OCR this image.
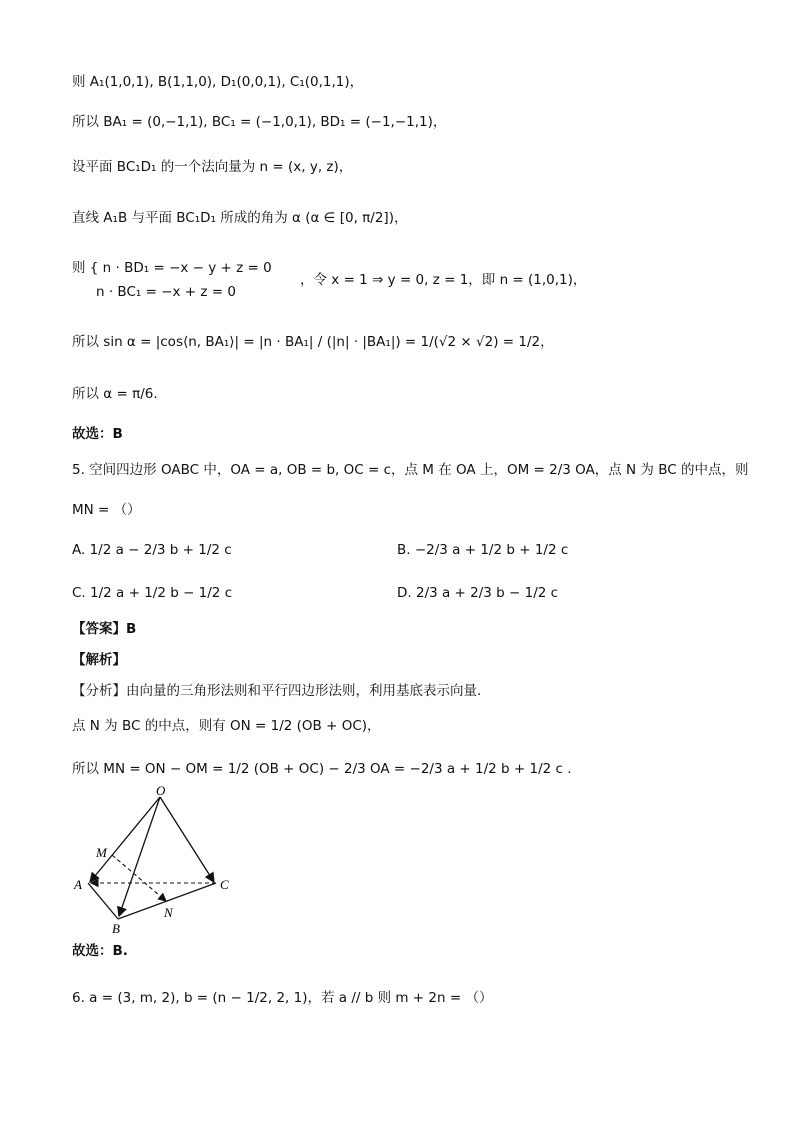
则 A₁(1,0,1), B(1,1,0), D₁(0,0,1), C₁(0,1,1)，
所以 BA₁ = (0,−1,1), BC₁ = (−1,0,1), BD₁ = (−1,−1,1)，
设平面 BC₁D₁ 的一个法向量为 n = (x, y, z)，
直线 A₁B 与平面 BC₁D₁ 所成的角为 α (α ∈ [0, π/2])，
则 { n · BD₁ = −x − y + z = 0
n · BC₁ = −x + z = 0
，令 x = 1 ⇒ y = 0, z = 1，即 n = (1,0,1)，
所以 sin α = |cos⟨n, BA₁⟩| = |n · BA₁| / (|n| · |BA₁|) = 1/(√2 × √2) = 1/2，
所以 α = π/6.
故选：B
5. 空间四边形 OABC 中，OA = a, OB = b, OC = c，点 M 在 OA 上，OM = 2/3 OA，点 N 为 BC 的中点，则
MN = （）
A. 1/2 a − 2/3 b + 1/2 c	B. −2/3 a + 1/2 b + 1/2 c
C. 1/2 a + 1/2 b − 1/2 c	D. 2/3 a + 2/3 b − 1/2 c
【答案】B
【解析】
【分析】由向量的三角形法则和平行四边形法则，利用基底表示向量.
点 N 为 BC 的中点，则有 ON = 1/2 (OB + OC)，
所以 MN = ON − OM = 1/2 (OB + OC) − 2/3 OA = −2/3 a + 1/2 b + 1/2 c .
O
M
A
B
C
N
故选：B.
6. a = (3, m, 2), b = (n − 1/2, 2, 1)，若 a // b 则 m + 2n = （）
